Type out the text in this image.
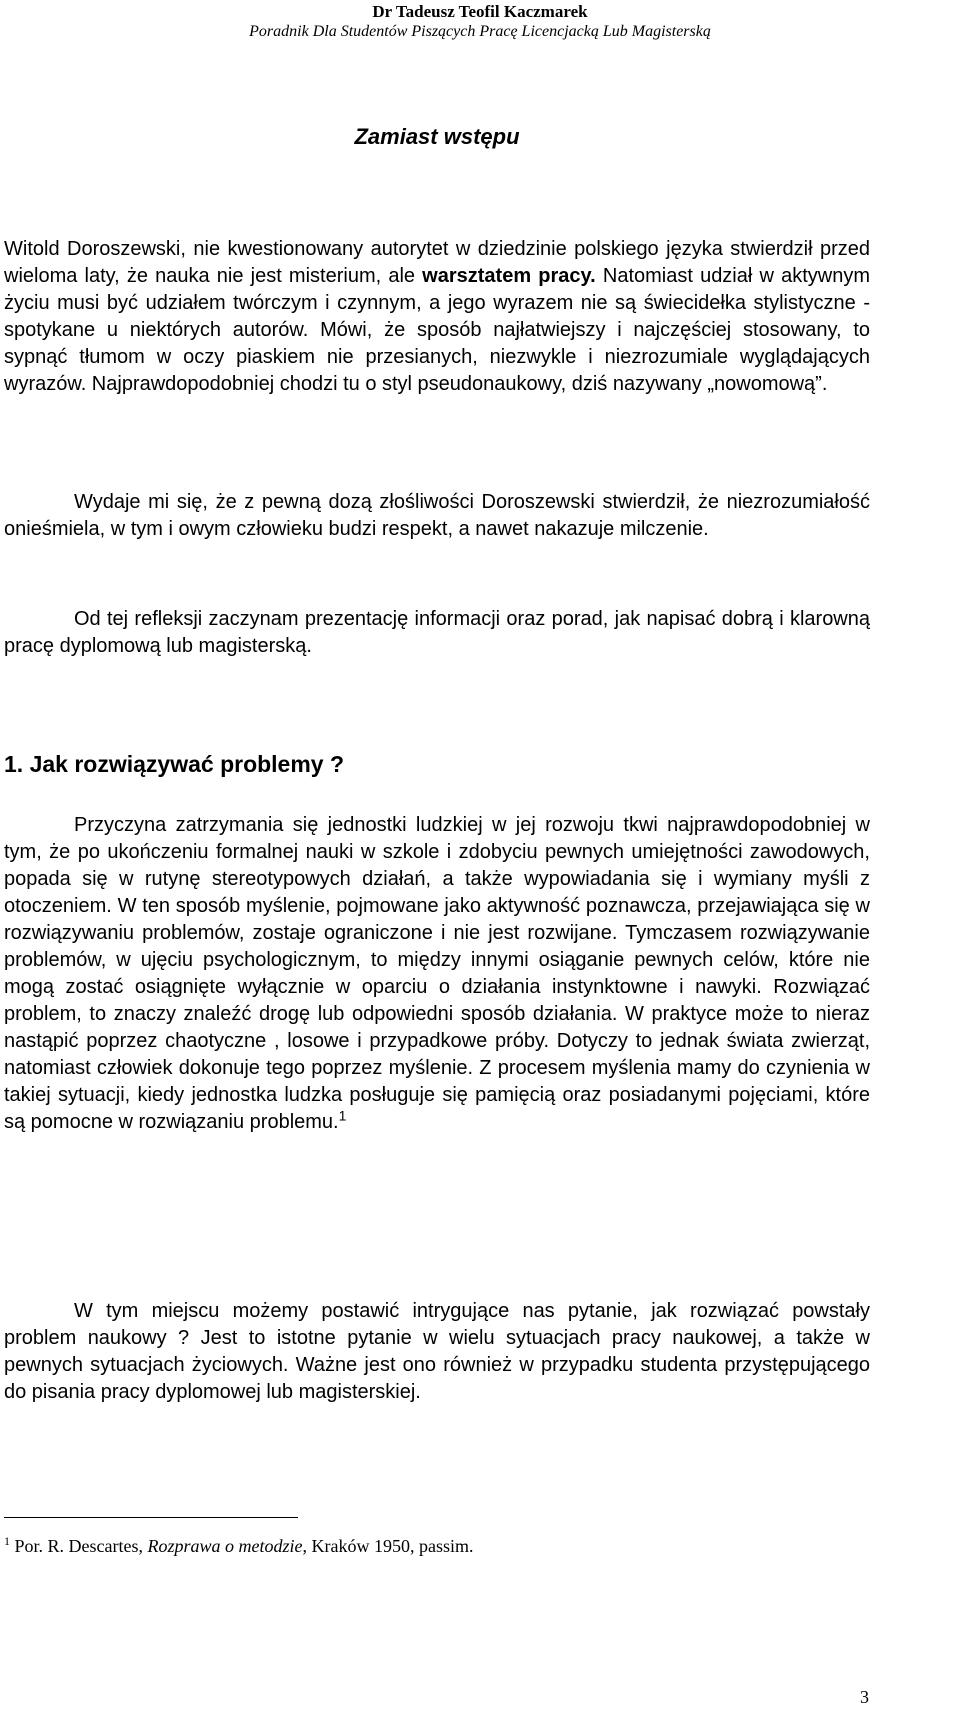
Dr Tadeusz Teofil Kaczmarek
Poradnik Dla Studentów Piszących Pracę Licencjacką Lub Magisterską
Zamiast wstępu

Witold Doroszewski, nie kwestionowany autorytet w dziedzinie polskiego języka stwierdził przed wieloma laty, że nauka nie jest misterium, ale warsztatem pracy. Natomiast udział w aktywnym życiu musi być udziałem twórczym i czynnym, a jego wyrazem nie są świecidełka stylistyczne - spotykane u niektórych autorów. Mówi, że sposób najłatwiejszy i najczęściej stosowany, to sypnąć tłumom w oczy piaskiem nie przesianych, niezwykle i niezrozumiale wyglądających wyrazów. Najprawdopodobniej chodzi tu o styl pseudonaukowy, dziś nazywany „nowomową”.

Wydaje mi się, że z pewną dozą złośliwości Doroszewski stwierdził, że niezrozumiałość onieśmiela, w tym i owym człowieku budzi respekt, a nawet nakazuje milczenie.

Od tej refleksji zaczynam prezentację informacji oraz porad, jak napisać dobrą i klarowną pracę dyplomową lub magisterską.

1. Jak rozwiązywać problemy ?

Przyczyna zatrzymania się jednostki ludzkiej w jej rozwoju tkwi najprawdopodobniej w tym, że po ukończeniu formalnej nauki w szkole i zdobyciu pewnych umiejętności zawodowych, popada się w rutynę stereotypowych działań, a także wypowiadania się i wymiany myśli z otoczeniem. W ten sposób myślenie, pojmowane jako aktywność poznawcza, przejawiająca się w rozwiązywaniu problemów, zostaje ograniczone i nie jest rozwijane. Tymczasem rozwiązywanie problemów, w ujęciu psychologicznym, to między innymi osiąganie pewnych celów, które nie mogą zostać osiągnięte wyłącznie w oparciu o działania instynktowne i nawyki. Rozwiązać problem, to znaczy znaleźć drogę lub odpowiedni sposób działania. W praktyce może to nieraz nastąpić poprzez chaotyczne , losowe i przypadkowe próby. Dotyczy to jednak świata zwierząt, natomiast człowiek dokonuje tego poprzez myślenie. Z procesem myślenia mamy do czynienia w takiej sytuacji, kiedy jednostka ludzka posługuje się pamięcią oraz posiadanymi pojęciami, które są pomocne w rozwiązaniu problemu.$^1$

W tym miejscu możemy postawić intrygujące nas pytanie, jak rozwiązać powstały problem naukowy ? Jest to istotne pytanie w wielu sytuacjach pracy naukowej, a także w pewnych sytuacjach życiowych. Ważne jest ono również w przypadku studenta przystępującego do pisania pracy dyplomowej lub magisterskiej.

$^1$ Por. R. Descartes, Rozprawa o metodzie, Kraków 1950, passim.
3
